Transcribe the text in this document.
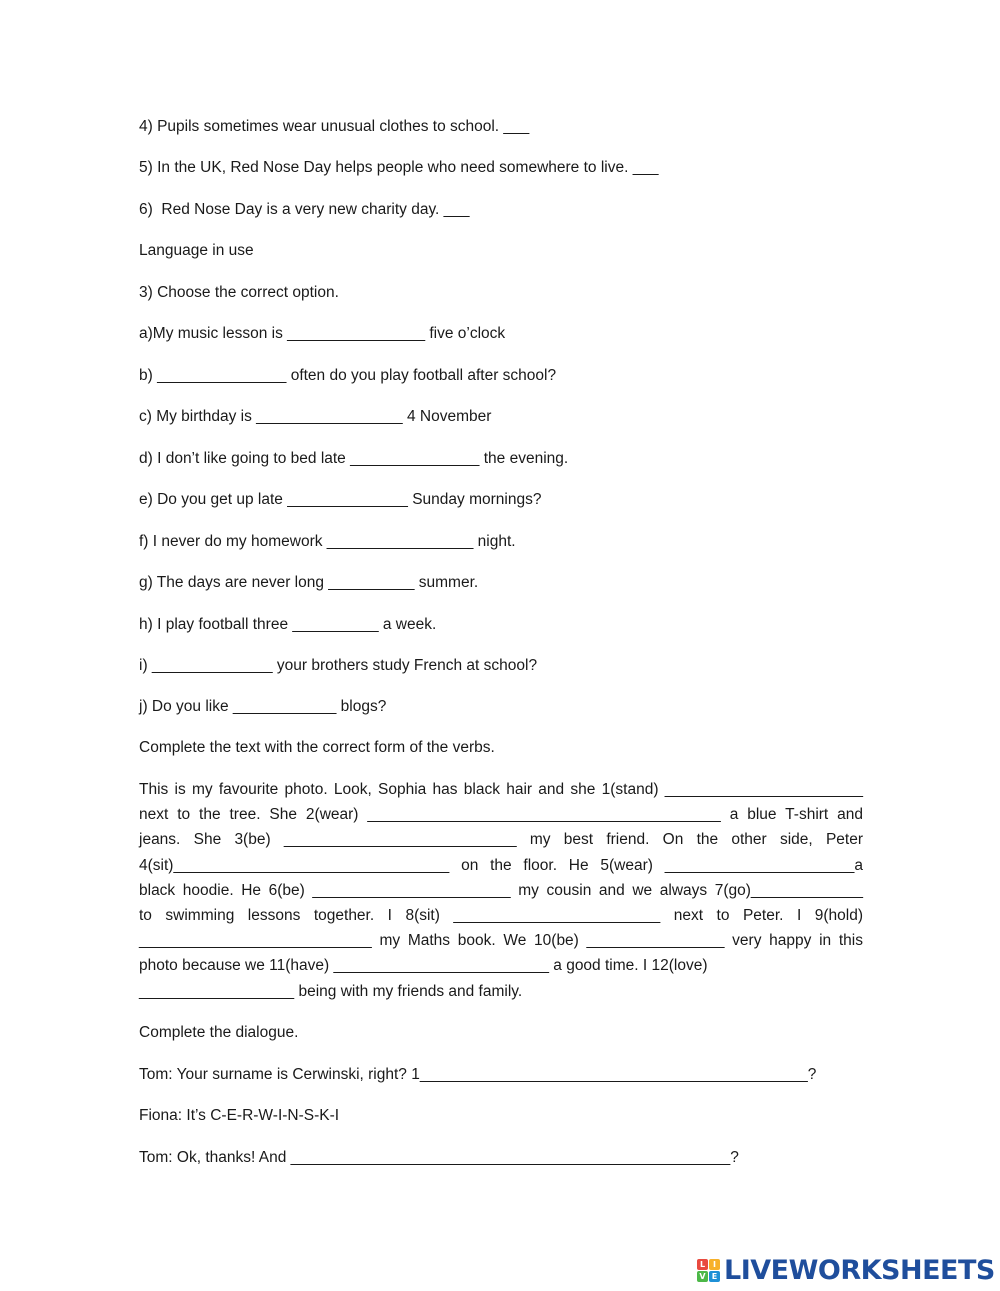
4) Pupils sometimes wear unusual clothes to school. ___
5) In the UK, Red Nose Day helps people who need somewhere to live. ___
6)  Red Nose Day is a very new charity day. ___
Language in use
3) Choose the correct option.
a)My music lesson is ________________ five o’clock
b) _______________ often do you play football after school?
c) My birthday is _________________ 4 November
d) I don’t like going to bed late _______________ the evening.
e) Do you get up late ______________ Sunday mornings?
f) I never do my homework _________________ night.
g) The days are never long __________ summer.
h) I play football three __________ a week.
i) ______________ your brothers study French at school?
j) Do you like ____________ blogs?
Complete the text with the correct form of the verbs.
This is my favourite photo. Look, Sophia has black hair and she 1(stand) _______________________
next to the tree. She 2(wear) _________________________________________ a blue T-shirt and
jeans. She 3(be) ___________________________ my best friend. On the other side, Peter
4(sit)________________________________ on the floor. He 5(wear) ______________________a
black hoodie. He 6(be) _______________________ my cousin and we always 7(go)_____________
to swimming lessons together. I 8(sit) ________________________ next to Peter. I 9(hold)
___________________________ my Maths book. We 10(be) ________________ very happy in this
photo because we 11(have) _________________________ a good time. I 12(love)
__________________ being with my friends and family.
Complete the dialogue.
Tom: Your surname is Cerwinski, right? 1_____________________________________________?
Fiona: It’s C-E-R-W-I-N-S-K-I
Tom: Ok, thanks! And ___________________________________________________?
L I
V E LIVEWORKSHEETS
